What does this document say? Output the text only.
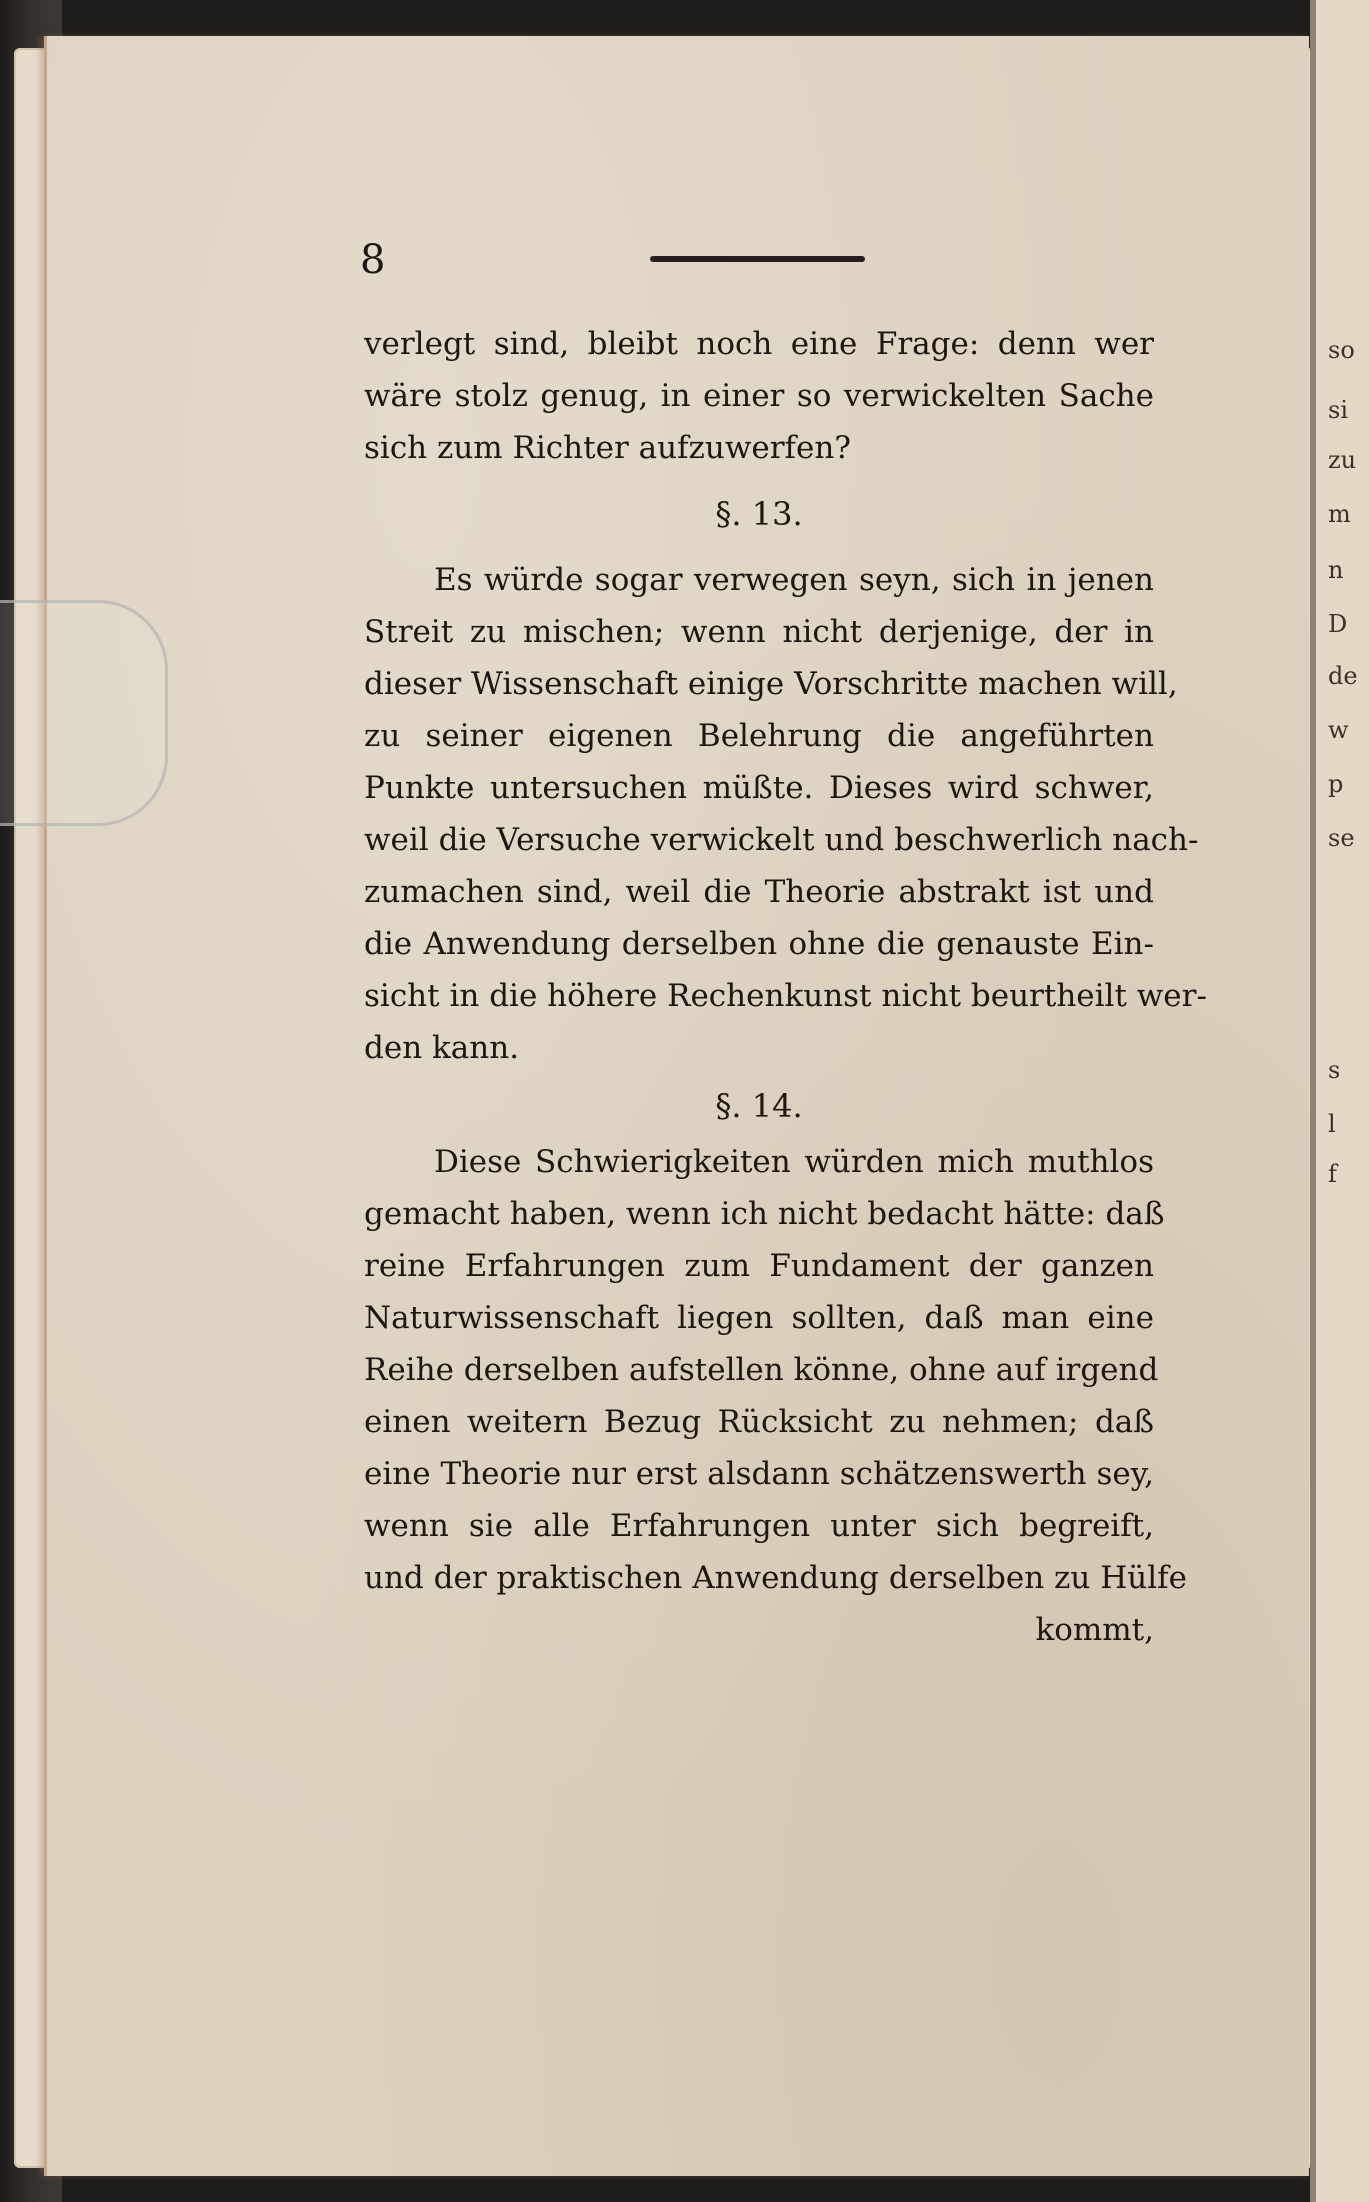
so
si
zu
m
n
D
de
w
p
se
s
l
f
8
verlegt sind, bleibt noch eine Frage: denn wer
wäre stolz genug, in einer so verwickelten Sache
sich zum Richter aufzuwerfen?
§. 13.
Es würde sogar verwegen seyn, sich in jenen
Streit zu mischen; wenn nicht derjenige, der in
dieser Wissenschaft einige Vorschritte machen will,
zu seiner eigenen Belehrung die angeführten
Punkte untersuchen müßte. Dieses wird schwer,
weil die Versuche verwickelt und beschwerlich nach-
zumachen sind, weil die Theorie abstrakt ist und
die Anwendung derselben ohne die genauste Ein-
sicht in die höhere Rechenkunst nicht beurtheilt wer-
den kann.
§. 14.
Diese Schwierigkeiten würden mich muthlos
gemacht haben, wenn ich nicht bedacht hätte: daß
reine Erfahrungen zum Fundament der ganzen
Naturwissenschaft liegen sollten, daß man eine
Reihe derselben aufstellen könne, ohne auf irgend
einen weitern Bezug Rücksicht zu nehmen; daß
eine Theorie nur erst alsdann schätzenswerth sey,
wenn sie alle Erfahrungen unter sich begreift,
und der praktischen Anwendung derselben zu Hülfe
kommt,
